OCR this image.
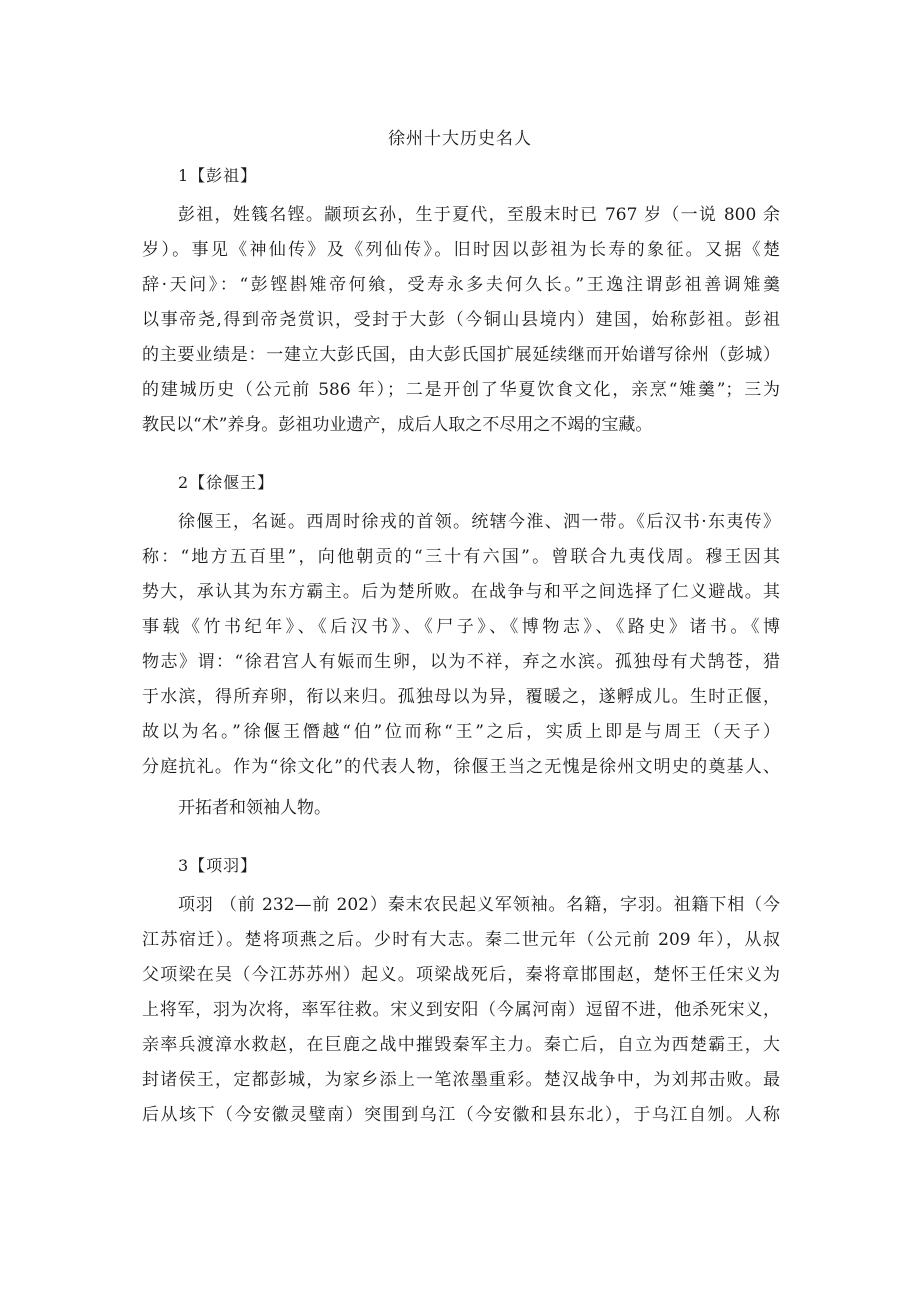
徐州十大历史名人
1【彭祖】
彭祖，姓篯名铿。颛顼玄孙，生于夏代，至殷末时已 767 岁（一说 800 余
岁）。事见《神仙传》及《列仙传》。旧时因以彭祖为长寿的象征。又据《楚
辞·天问》：“彭铿斟雉帝何飨，受寿永多夫何久长。”王逸注谓彭祖善调雉羹
以事帝尧,得到帝尧赏识，受封于大彭（今铜山县境内）建国，始称彭祖。彭祖
的主要业绩是：一建立大彭氏国，由大彭氏国扩展延续继而开始谱写徐州（彭城）
的建城历史（公元前 586 年）；二是开创了华夏饮食文化，亲烹“雉羹”；三为
教民以“术”养身。彭祖功业遗产，成后人取之不尽用之不竭的宝藏。
2【徐偃王】
徐偃王，名诞。西周时徐戎的首领。统辖今淮、泗一带。《后汉书·东夷传》
称：“地方五百里”，向他朝贡的“三十有六国”。曾联合九夷伐周。穆王因其
势大，承认其为东方霸主。后为楚所败。在战争与和平之间选择了仁义避战。其
事载《竹书纪年》、《后汉书》、《尸子》、《博物志》、《路史》诸书。《博
物志》谓：“徐君宫人有娠而生卵，以为不祥，弃之水滨。孤独母有犬鹄苍，猎
于水滨，得所弃卵，衔以来归。孤独母以为异，覆暖之，遂孵成儿。生时正偃，
故以为名。”徐偃王僭越“伯”位而称“王”之后，实质上即是与周王（天子）
分庭抗礼。作为“徐文化”的代表人物，徐偃王当之无愧是徐州文明史的奠基人、
开拓者和领袖人物。
3【项羽】
项羽 （前 232—前 202）秦末农民起义军领袖。名籍，字羽。祖籍下相（今
江苏宿迁）。楚将项燕之后。少时有大志。秦二世元年（公元前 209 年），从叔
父项梁在吴（今江苏苏州）起义。项梁战死后，秦将章邯围赵，楚怀王任宋义为
上将军，羽为次将，率军往救。宋义到安阳（今属河南）逗留不进，他杀死宋义，
亲率兵渡漳水救赵，在巨鹿之战中摧毁秦军主力。秦亡后，自立为西楚霸王，大
封诸侯王，定都彭城，为家乡添上一笔浓墨重彩。楚汉战争中，为刘邦击败。最
后从垓下（今安徽灵璧南）突围到乌江（今安徽和县东北），于乌江自刎。人称
